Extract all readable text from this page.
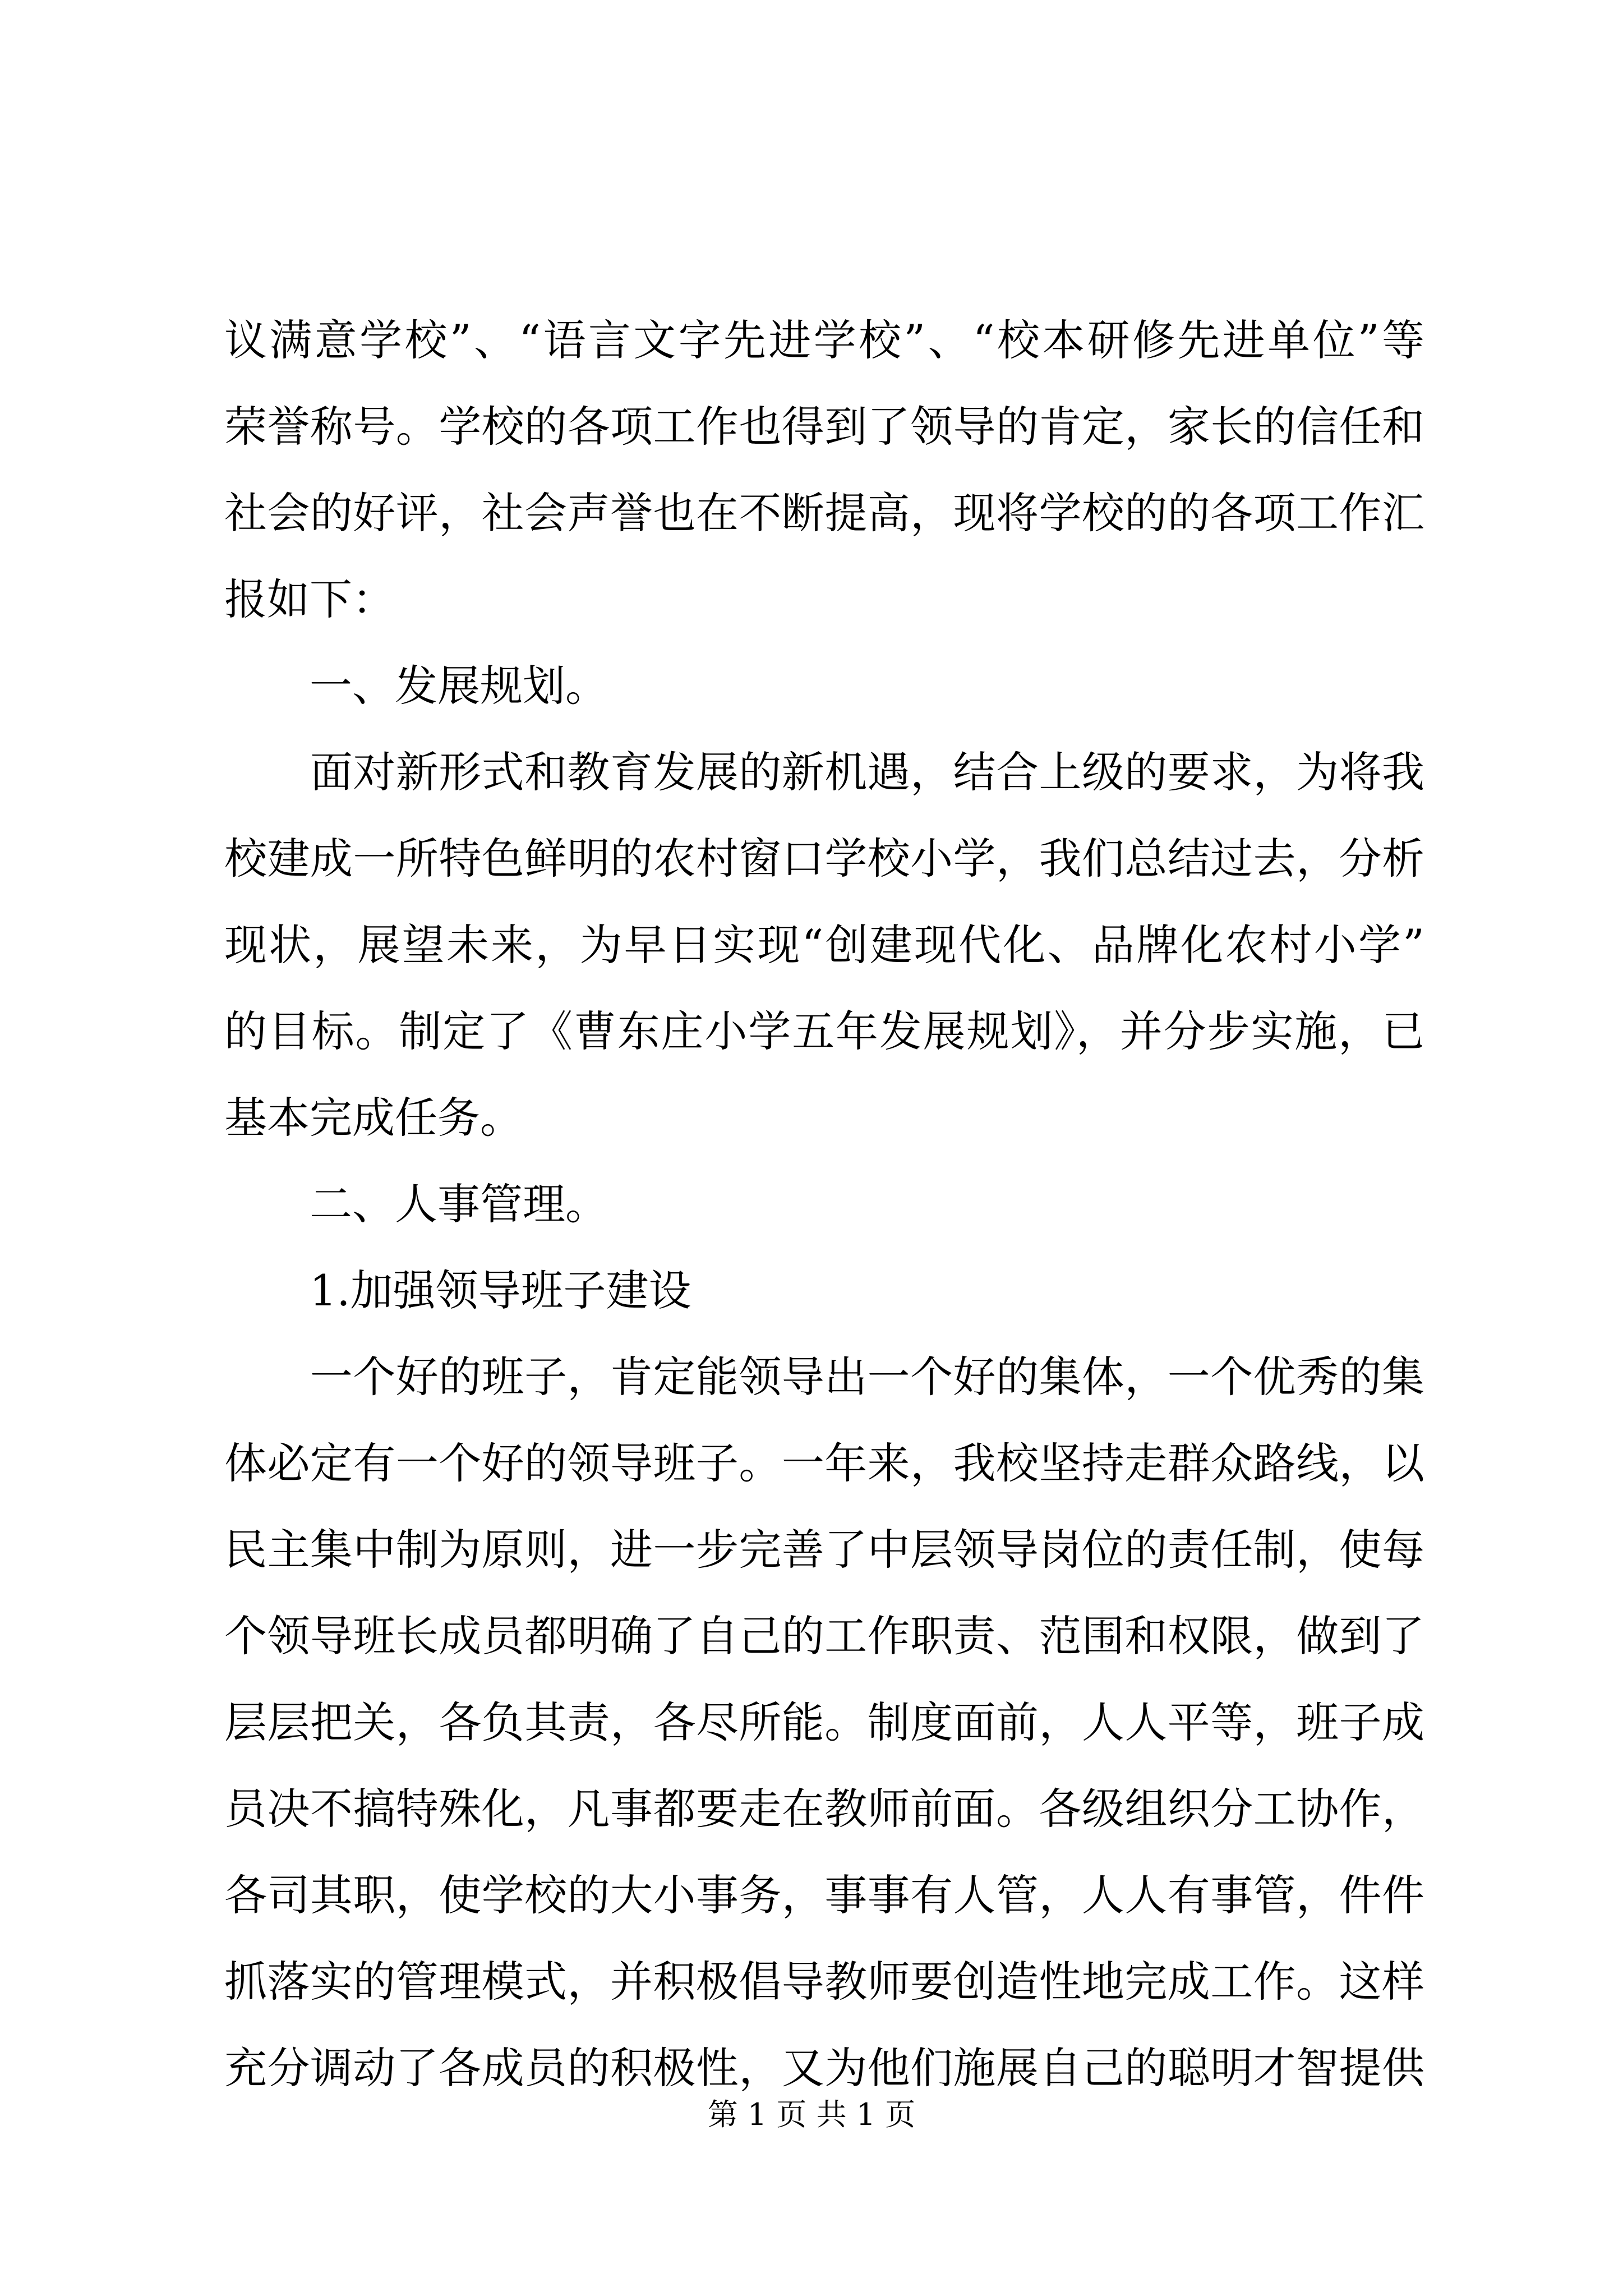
议满意学校”、“语言文字先进学校”、“校本研修先进单位”等
荣誉称号。学校的各项工作也得到了领导的肯定，家长的信任和
社会的好评，社会声誉也在不断提高，现将学校的的各项工作汇
报如下：
　　一、发展规划。
　　面对新形式和教育发展的新机遇，结合上级的要求，为将我
校建成一所特色鲜明的农村窗口学校小学，我们总结过去，分析
现状，展望未来，为早日实现“创建现代化、品牌化农村小学”
的目标。制定了《曹东庄小学五年发展规划》，并分步实施，已
基本完成任务。
　　二、人事管理。
　　1.加强领导班子建设
　　一个好的班子，肯定能领导出一个好的集体，一个优秀的集
体必定有一个好的领导班子。一年来，我校坚持走群众路线，以
民主集中制为原则，进一步完善了中层领导岗位的责任制，使每
个领导班长成员都明确了自己的工作职责、范围和权限，做到了
层层把关，各负其责，各尽所能。制度面前，人人平等，班子成
员决不搞特殊化，凡事都要走在教师前面。各级组织分工协作，
各司其职，使学校的大小事务，事事有人管，人人有事管，件件
抓落实的管理模式，并积极倡导教师要创造性地完成工作。这样
充分调动了各成员的积极性，又为他们施展自己的聪明才智提供
第 1 页 共 1 页
